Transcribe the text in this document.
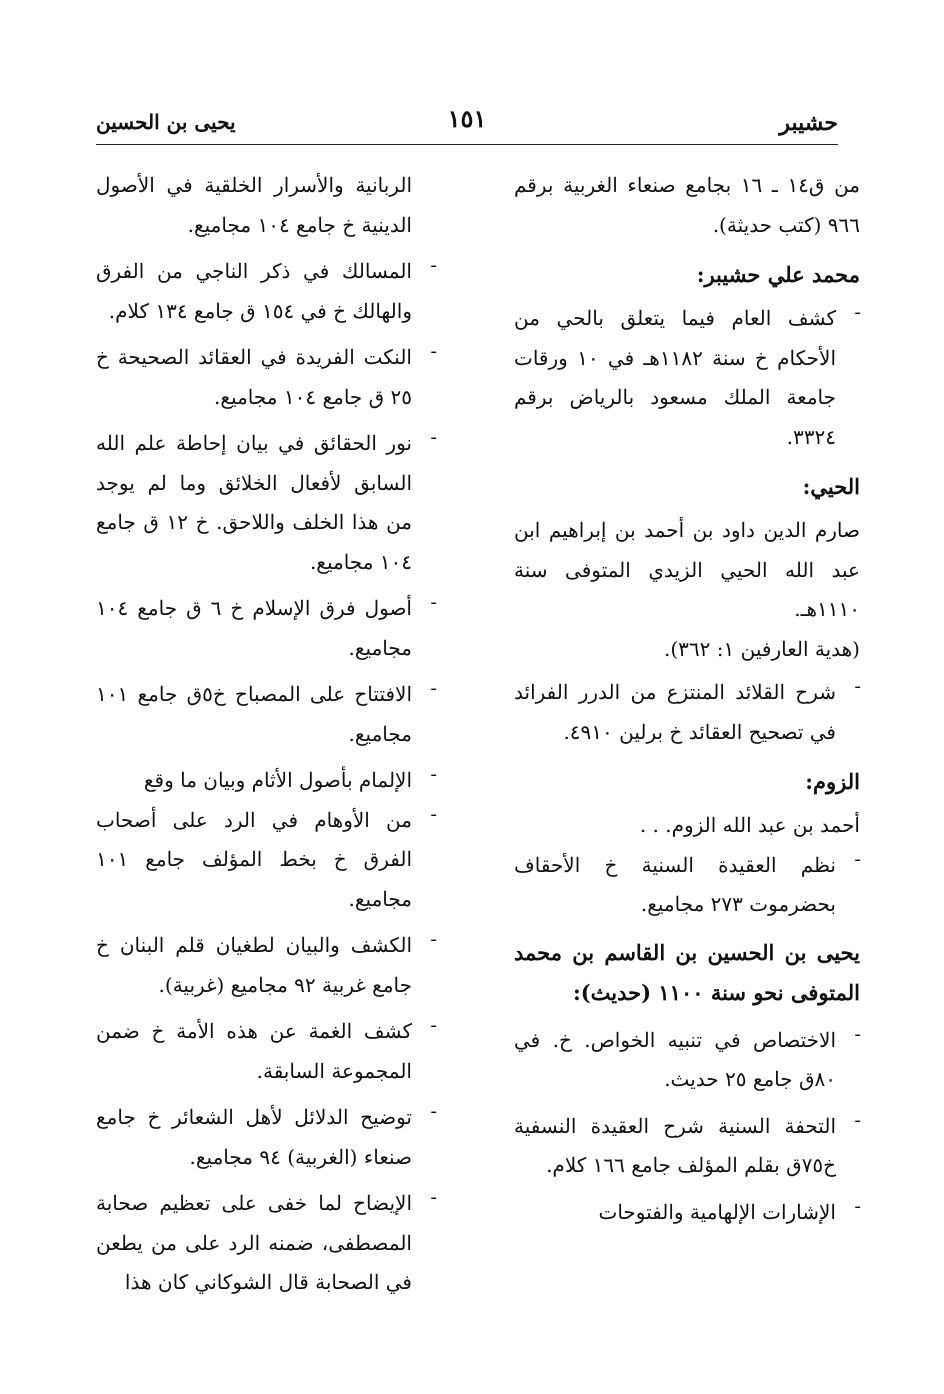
حشيبر
١٥١
يحيى بن الحسين

من ق١٤ ـ ١٦ بجامع صنعاء الغربية برقم ٩٦٦ (كتب حديثة).

محمد علي حشيبر:
ـ

كشف العام فيما يتعلق بالحي من الأحكام خ سنة ١١٨٢هـ في ١٠ ورقات جامعة الملك مسعود بالرياض برقم ٣٣٢٤.

الحيي:

صارم الدين داود بن أحمد بن إبراهيم ابن عبد الله الحيي الزيدي المتوفى سنة ١١١٠هـ.

(هدية العارفين ١: ٣٦٢).

ـ

شرح القلائد المنتزع من الدرر الفرائد في تصحيح العقائد خ برلين ٤٩١٠.

الزوم:

أحمد بن عبد الله الزوم. . .

ـ

نظم العقيدة السنية خ الأحقاف بحضرموت ٢٧٣ مجاميع.

يحيى بن الحسين بن القاسم بن محمد المتوفى نحو سنة ١١٠٠ (حديث):
ـ

الاختصاص في تنبيه الخواص. خ. في ٨٠ق جامع ٢٥ حديث.

ـ

التحفة السنية شرح العقيدة النسفية خ٧٥ق بقلم المؤلف جامع ١٦٦ كلام.

ـ

الإشارات الإلهامية والفتوحات

الربانية والأسرار الخلقية في الأصول الدينية خ جامع ١٠٤ مجاميع.

ـ

المسالك في ذكر الناجي من الفرق والهالك خ في ١٥٤ ق جامع ١٣٤ كلام.

ـ

النكت الفريدة في العقائد الصحيحة خ ٢٥ ق جامع ١٠٤ مجاميع.

ـ

نور الحقائق في بيان إحاطة علم الله السابق لأفعال الخلائق وما لم يوجد من هذا الخلف واللاحق. خ ١٢ ق جامع ١٠٤ مجاميع.

ـ

أصول فرق الإسلام خ ٦ ق جامع ١٠٤ مجاميع.

ـ

الافتتاح على المصباح خ٥ق جامع ١٠١ مجاميع.

ـ

الإلمام بأصول الأثام وبيان ما وقع

ـ

من الأوهام في الرد على أصحاب الفرق خ بخط المؤلف جامع ١٠١ مجاميع.

ـ

الكشف والبيان لطغيان قلم البنان خ جامع غربية ٩٢ مجاميع (غربية).

ـ

كشف الغمة عن هذه الأمة خ ضمن المجموعة السابقة.

ـ

توضيح الدلائل لأهل الشعائر خ جامع صنعاء (الغربية) ٩٤ مجاميع.

ـ

الإيضاح لما خفى على تعظيم صحابة المصطفى، ضمنه الرد على من يطعن في الصحابة قال الشوكاني كان هذا
